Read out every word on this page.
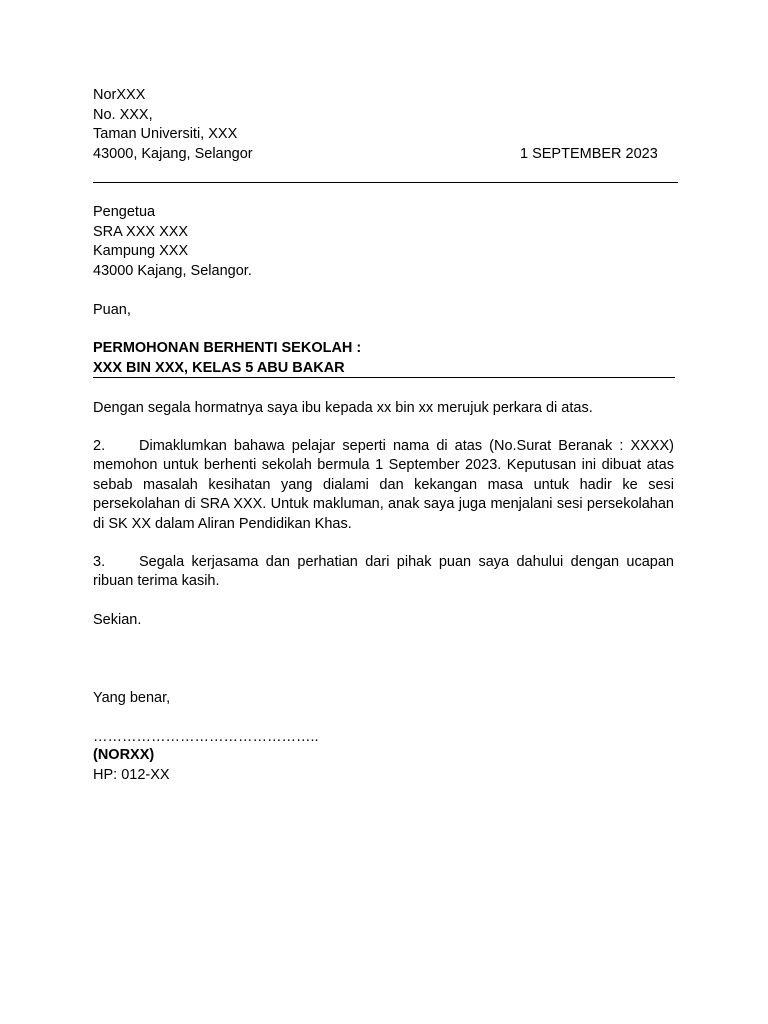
NorXXX
No. XXX,
Taman Universiti, XXX
43000, Kajang, Selangor	1 SEPTEMBER 2023
Pengetua
SRA XXX XXX
Kampung XXX
43000 Kajang, Selangor.
Puan,
PERMOHONAN BERHENTI SEKOLAH :
XXX BIN XXX, KELAS 5 ABU BAKAR
Dengan segala hormatnya saya ibu kepada xx bin xx merujuk perkara di atas.
2. Dimaklumkan bahawa pelajar seperti nama di atas (No.Surat Beranak : XXXX) memohon untuk berhenti sekolah bermula 1 September 2023. Keputusan ini dibuat atas sebab masalah kesihatan yang dialami dan kekangan masa untuk hadir ke sesi persekolahan di SRA XXX. Untuk makluman, anak saya juga menjalani sesi persekolahan di SK XX dalam Aliran Pendidikan Khas.
3. Segala kerjasama dan perhatian dari pihak puan saya dahului dengan ucapan ribuan terima kasih.
Sekian.
Yang benar,
………………………………………..
(NORXX)
HP: 012-XX
